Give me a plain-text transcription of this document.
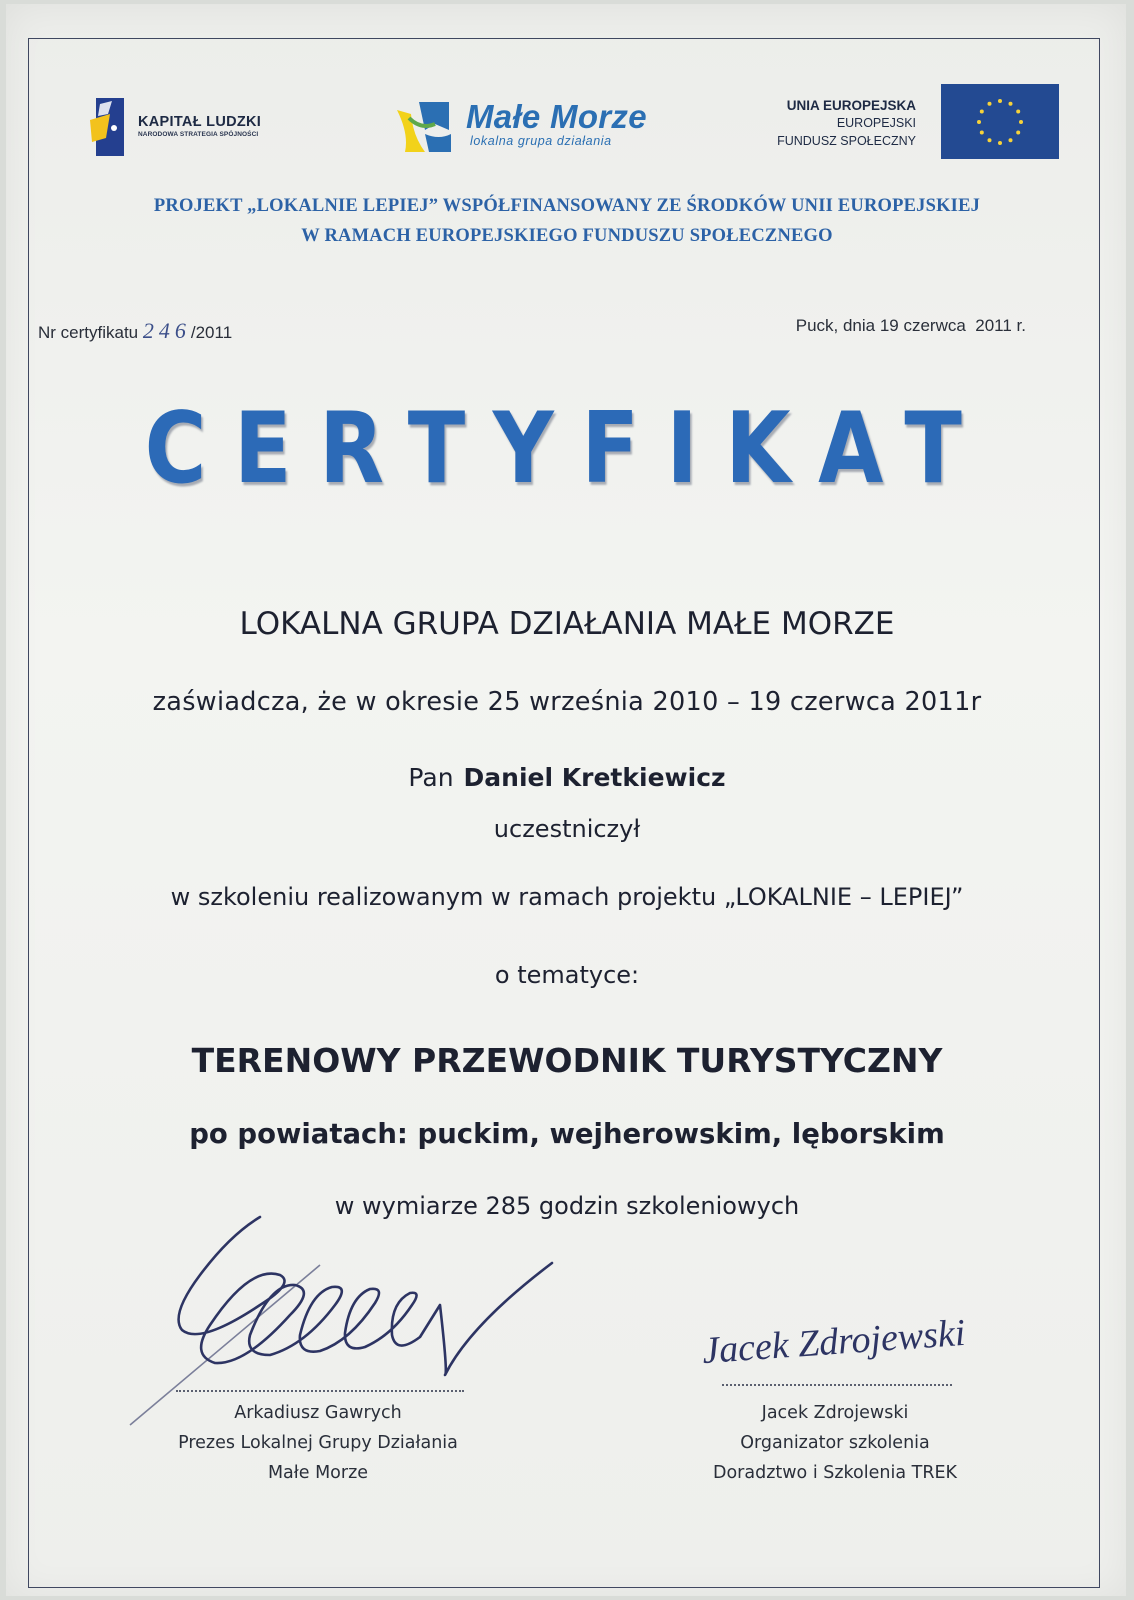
KAPITAŁ LUDZKI
NARODOWA STRATEGIA SPÓJNOŚCI	Małe Morze
lokalna grupa działania
UNIA EUROPEJSKA
EUROPEJSKI
FUNDUSZ SPOŁECZNY
PROJEKT „LOKALNIE LEPIEJ” WSPÓŁFINANSOWANY ZE ŚRODKÓW UNII EUROPEJSKIEJ
W RAMACH EUROPEJSKIEGO FUNDUSZU SPOŁECZNEGO
Nr certyfikatu 246/2011	Puck, dnia 19 czerwca  2011 r.
CERTYFIKAT
LOKALNA GRUPA DZIAŁANIA MAŁE MORZE
zaświadcza, że w okresie 25 września 2010 – 19 czerwca 2011r
Pan Daniel Kretkiewicz
uczestniczył
w szkoleniu realizowanym w ramach projektu „LOKALNIE – LEPIEJ”
o tematyce:
TERENOWY PRZEWODNIK TURYSTYCZNY
po powiatach: puckim, wejherowskim, lęborskim
w wymiarze 285 godzin szkoleniowych
Arkadiusz Gawrych
Prezes Lokalnej Grupy Działania
Małe Morze
Jacek Zdrojewski
Jacek Zdrojewski
Organizator szkolenia
Doradztwo i Szkolenia TREK
